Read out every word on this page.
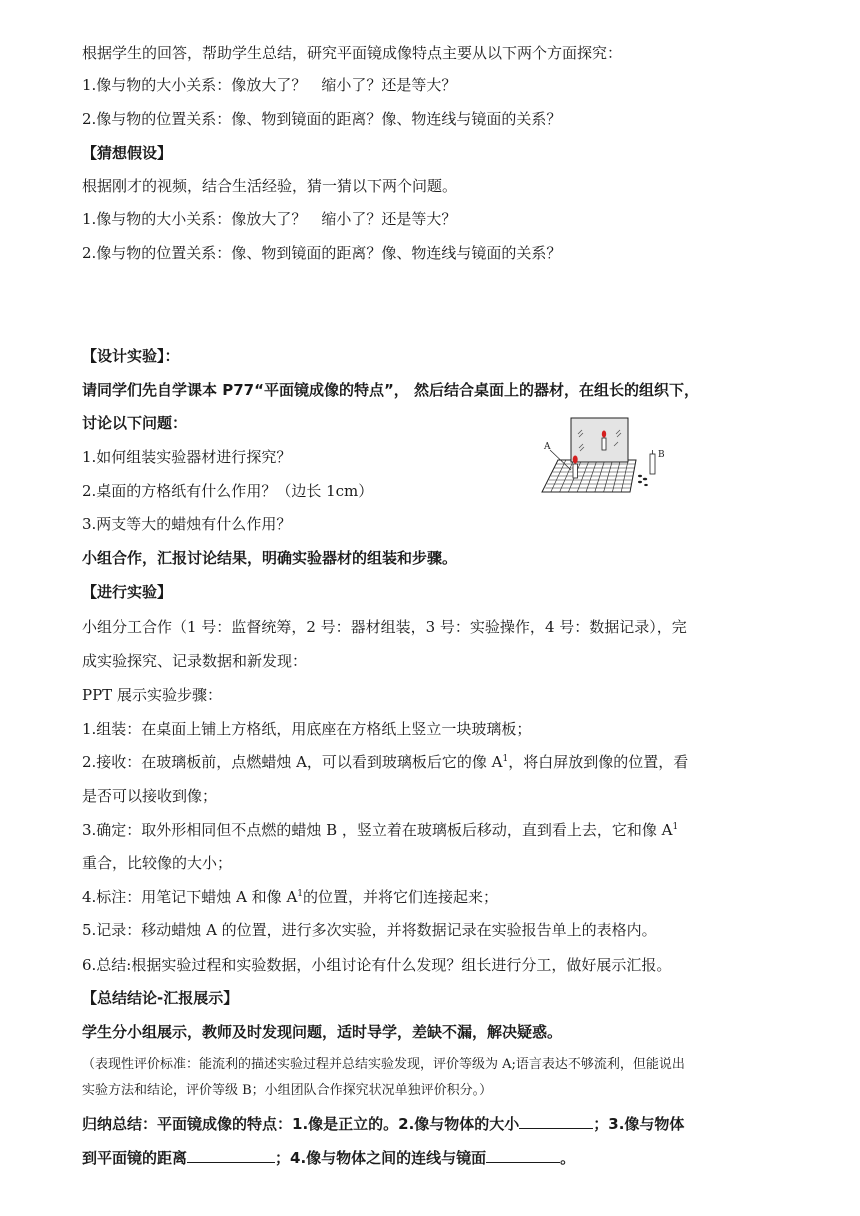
根据学生的回答，帮助学生总结，研究平面镜成像特点主要从以下两个方面探究：
1.像与物的大小关系：像放大了？　缩小了？还是等大？
2.像与物的位置关系：像、物到镜面的距离？像、物连线与镜面的关系？
【猜想假设】
根据刚才的视频，结合生活经验，猜一猜以下两个问题。
1.像与物的大小关系：像放大了？　缩小了？还是等大？
2.像与物的位置关系：像、物到镜面的距离？像、物连线与镜面的关系？
【设计实验】：
请同学们先自学课本 P77“平面镜成像的特点”， 然后结合桌面上的器材，在组长的组织下，
讨论以下问题：
1.如何组装实验器材进行探究？
2.桌面的方格纸有什么作用？（边长 1cm）
3.两支等大的蜡烛有什么作用？
小组合作，汇报讨论结果，明确实验器材的组装和步骤。
A
B
【进行实验】
小组分工合作（1 号：监督统筹，2 号：器材组装，3 号：实验操作，4 号：数据记录），完
成实验探究、记录数据和新发现：
PPT 展示实验步骤：
1.组装：在桌面上铺上方格纸，用底座在方格纸上竖立一块玻璃板；
2.接收：在玻璃板前，点燃蜡烛 A，可以看到玻璃板后它的像 $A^1$，将白屏放到像的位置，看
是否可以接收到像；
3.确定：取外形相同但不点燃的蜡烛 B ，竖立着在玻璃板后移动，直到看上去，它和像 $A^1$
重合，比较像的大小；
4.标注：用笔记下蜡烛 A 和像 $A^1$的位置，并将它们连接起来；
5.记录：移动蜡烛 A 的位置，进行多次实验，并将数据记录在实验报告单上的表格内。
6.总结:根据实验过程和实验数据，小组讨论有什么发现？组长进行分工，做好展示汇报。
【总结结论-汇报展示】
学生分小组展示，教师及时发现问题，适时导学，差缺不漏，解决疑惑。
（表现性评价标准：能流利的描述实验过程并总结实验发现，评价等级为 A;语言表达不够流利，但能说出
实验方法和结论，评价等级 B；小组团队合作探究状况单独评价积分。）
归纳总结：平面镜成像的特点：1.像是正立的。2.像与物体的大小	；3.像与物体
到平面镜的距离	；4.像与物体之间的连线与镜面	。
